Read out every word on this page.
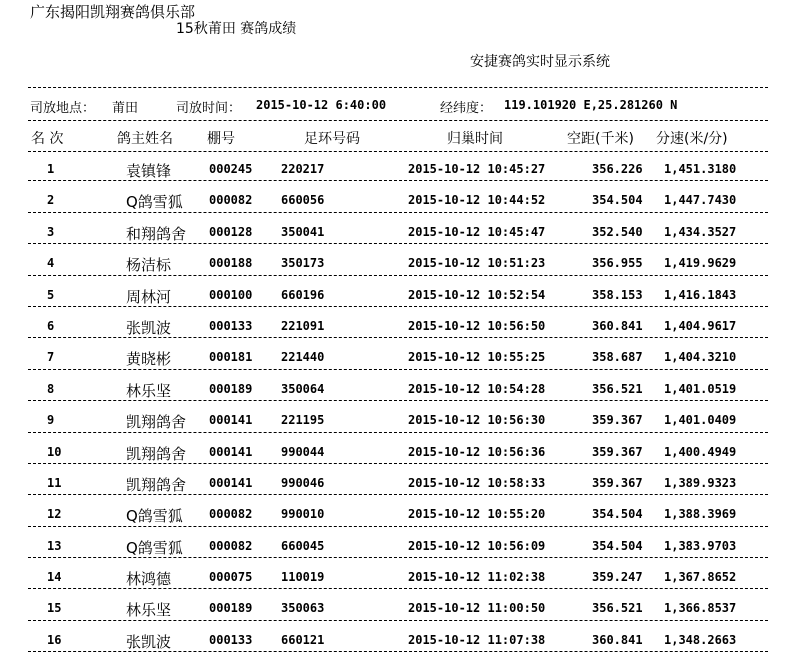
广东揭阳凯翔赛鸽俱乐部
15秋莆田 赛鸽成绩
安捷赛鸽实时显示系统
司放地点： 莆田	司放时间： 2015-10-12 6:40:00	经纬度： 119.101920 E,25.281260 N
名 次	鸽主姓名 棚号	足环号码	归巢时间	空距(千米) 分速(米/分)
1	袁镇锋	000245 220217	2015-10-12 10:45:27	356.226 1,451.3180
2	Q鸽雪狐 000082 660056	2015-10-12 10:44:52	354.504 1,447.7430
3	和翔鸽舍 000128 350041	2015-10-12 10:45:47	352.540 1,434.3527
4	杨洁标	000188 350173	2015-10-12 10:51:23	356.955 1,419.9629
5	周林河	000100 660196	2015-10-12 10:52:54	358.153 1,416.1843
6	张凯波	000133 221091	2015-10-12 10:56:50	360.841 1,404.9617
7	黄晓彬	000181 221440	2015-10-12 10:55:25	358.687 1,404.3210
8	林乐坚	000189 350064	2015-10-12 10:54:28	356.521 1,401.0519
9	凯翔鸽舍 000141 221195	2015-10-12 10:56:30	359.367 1,401.0409
10	凯翔鸽舍 000141 990044	2015-10-12 10:56:36	359.367 1,400.4949
11	凯翔鸽舍 000141 990046	2015-10-12 10:58:33	359.367 1,389.9323
12	Q鸽雪狐 000082 990010	2015-10-12 10:55:20	354.504 1,388.3969
13	Q鸽雪狐 000082 660045	2015-10-12 10:56:09	354.504 1,383.9703
14	林鸿德	000075 110019	2015-10-12 11:02:38	359.247 1,367.8652
15	林乐坚	000189 350063	2015-10-12 11:00:50	356.521 1,366.8537
16	张凯波	000133 660121	2015-10-12 11:07:38	360.841 1,348.2663
